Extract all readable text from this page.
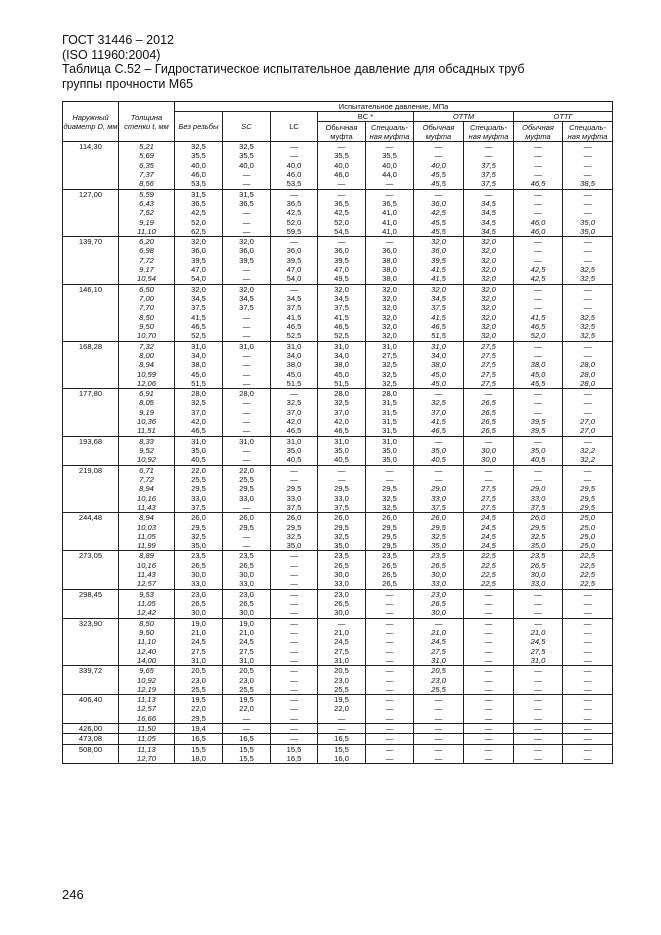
ГОСТ 31446 – 2012
(ISO 11960:2004)
Таблица С.52 – Гидростатическое испытательное давление для обсадных труб
группы прочности М65
Наружный диаметр D, мм	Толщина стенки t, мм	Испытательное давление, МПа								
		Без резьбы	SC	LC	BC *		ОТТМ		ОТТГ	
					Обычная муфта	Специаль-ная муфта	Обычная муфта	Специаль-ная муфта	Обычная муфта	Специаль-ная муфта
114,30	5,21	32,5	32,5	—	—	—	—	—	—	—
	5,69	35,5	35,5	—	35,5	35,5	—	—	—	—
	6,35	40,0	40,0	40,0	40,0	40,0	40,0	37,5	—	—
	7,37	46,0	—	46,0	46,0	44,0	45,5	37,5	—	—
	8,56	53,5	—	53,5	—	—	45,5	37,5	46,5	38,5
127,00	5,59	31,5	31,5	—	—	—	—	—	—	—
	6,43	36,5	36,5	36,5	36,5	36,5	36,0	34,5	—	—
	7,52	42,5	—	42,5	42,5	41,0	42,5	34,5	—	—
	9,19	52,0	—	52,0	52,0	41,0	45,5	34,5	46,0	35,0
	11,10	62,5	—	59,5	54,5	41,0	45,5	34,5	46,0	35,0
139,70	6,20	32,0	32,0	—	—	—	32,0	32,0	—	—
	6,98	36,0	36,0	36,0	36,0	36,0	36,0	32,0	—	—
	7,72	39,5	39,5	39,5	39,5	38,0	39,5	32,0	—	—
	9,17	47,0	—	47,0	47,0	38,0	41,5	32,0	42,5	32,5
	10,54	54,0	—	54,0	49,5	38,0	41,5	32,0	42,5	32,5
146,10	6,50	32,0	32,0	—	32,0	32,0	32,0	32,0	—	—
	7,00	34,5	34,5	34,5	34,5	32,0	34,5	32,0	—	—
	7,70	37,5	37,5	37,5	37,5	32,0	37,5	32,0	—	—
	8,50	41,5	—	41,5	41,5	32,0	41,5	32,0	41,5	32,5
	9,50	46,5	—	46,5	46,5	32,0	46,5	32,0	46,5	32,5
	10,70	52,5	—	52,5	52,5	32,0	51,5	32,0	52,0	32,5
168,28	7,32	31,0	31,0	31,0	31,0	31,0	31,0	27,5	—	—
	8,00	34,0	—	34,0	34,0	27,5	34,0	27,5	—	—
	8,94	38,0	—	38,0	38,0	32,5	38,0	27,5	38,0	28,0
	10,59	45,0	—	45,0	45,0	32,5	45,0	27,5	45,0	28,0
	12,06	51,5	—	51,5	51,5	32,5	45,0	27,5	45,5	28,0
177,80	6,91	28,0	28,0	—	28,0	28,0	—	—	—	—
	8,05	32,5	—	32,5	32,5	31,5	32,5	26,5	—	—
	9,19	37,0	—	37,0	37,0	31,5	37,0	26,5	—	—
	10,36	42,0	—	42,0	42,0	31,5	41,5	26,5	39,5	27,0
	11,51	46,5	—	46,5	46,5	31,5	46,5	26,5	39,5	27,0
193,68	8,33	31,0	31,0	31,0	31,0	31,0	—	—	—	—
	9,52	35,0	—	35,0	35,0	35,0	35,0	30,0	35,0	32,2
	10,92	40,5	—	40,5	40,5	35,0	40,5	30,0	40,5	32,2
219,08	6,71	22,0	22,0	—	—	—	—	—	—	—
	7,72	25,5	25,5	—	—	—	—	—	—	—
	8,94	29,5	29,5	29,5	29,5	29,5	29,0	27,5	29,0	29,5
	10,16	33,0	33,0	33,0	33,0	32,5	33,0	27,5	33,0	29,5
	11,43	37,5	—	37,5	37,5	32,5	37,5	27,5	37,5	29,5
244,48	8,94	26,0	26,0	26,0	26,0	26,0	26,0	24,5	26,0	25,0
	10,03	29,5	29,5	29,5	29,5	29,5	29,5	24,5	29,5	25,0
	11,05	32,5	—	32,5	32,5	29,5	32,5	24,5	32,5	25,0
	11,99	35,0	—	35,0	35,0	29,5	35,0	24,5	35,0	25,0
273,05	8,89	23,5	23,5	—	23,5	23,5	23,5	22,5	23,5	22,5
	10,16	26,5	26,5	—	26,5	26,5	26,5	22,5	26,5	22,5
	11,43	30,0	30,0	—	30,0	26,5	30,0	22,5	30,0	22,5
	12,57	33,0	33,0	—	33,0	26,5	33,0	22,5	33,0	22,5
298,45	9,53	23,0	23,0	—	23,0	—	23,0	—	—	—
	11,05	26,5	26,5	—	26,5	—	26,5	—	—	—
	12,42	30,0	30,0	—	30,0	—	30,0	—	—	—
323,90	8,50	19,0	19,0	—	—	—	—	—	—	—
	9,50	21,0	21,0	—	21,0	—	21,0	—	21,0	—
	11,10	24,5	24,5	—	24,5	—	24,5	—	24,5	—
	12,40	27,5	27,5	—	27,5	—	27,5	—	27,5	—
	14,00	31,0	31,0	—	31,0	—	31,0	—	31,0	—
339,72	9,65	20,5	20,5	—	20,5	—	20,5	—	—	—
	10,92	23,0	23,0	—	23,0	—	23,0	—	—	—
	12,19	25,5	25,5	—	25,5	—	25,5	—	—	—
406,40	11,13	19,5	19,5	—	19,5	—	—	—	—	—
	12,57	22,0	22,0	—	22,0	—	—	—	—	—
	16,66	29,5	—	—	—	—	—	—	—	—
426,00	11,50	19,4	—	—	—	—	—	—	—	—
473,08	11,05	16,5	16,5	—	16,5	—	—	—	—	—
508,00	11,13	15,5	15,5	15,5	15,5	—	—	—	—	—
	12,70	18,0	15,5	16,5	16,0	—	—	—	—	—
246
